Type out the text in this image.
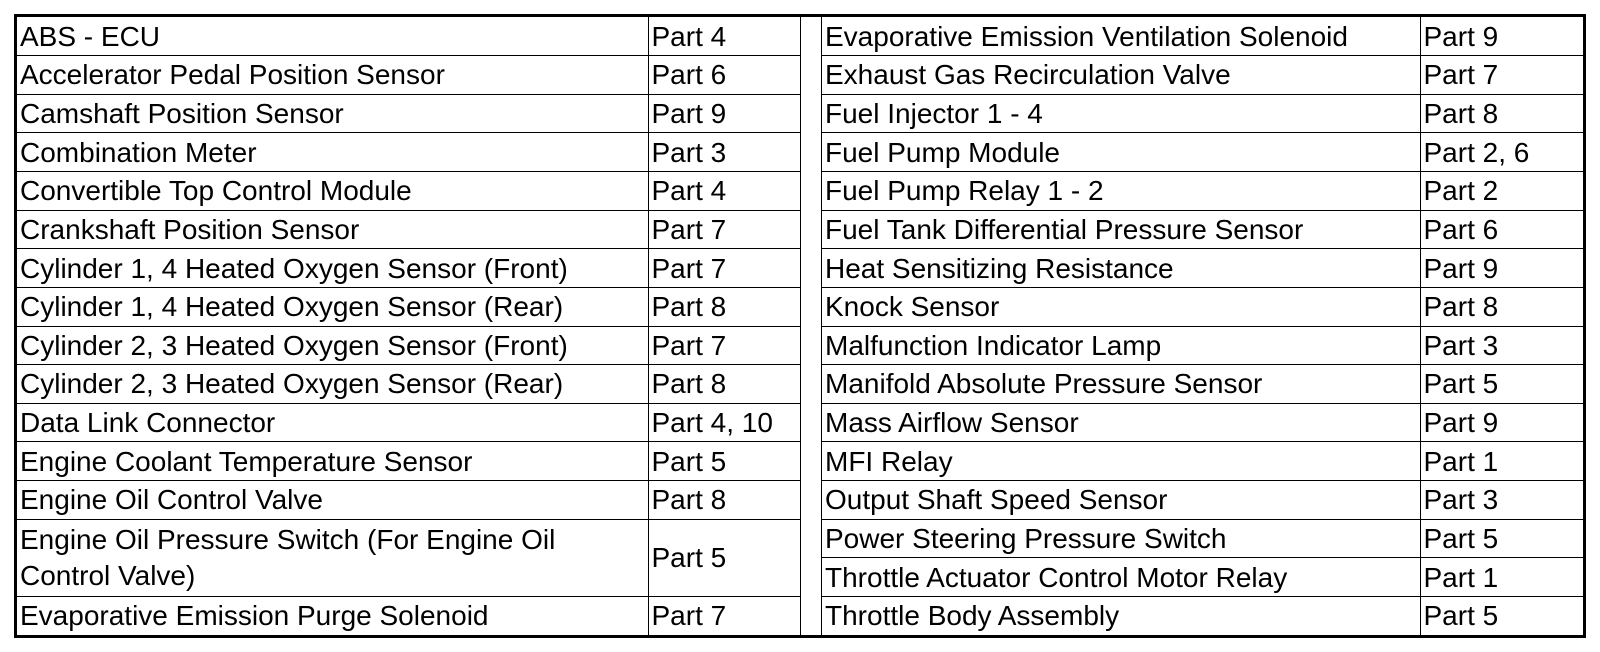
ABS - ECU	Part 4
Accelerator Pedal Position Sensor	Part 6
Camshaft Position Sensor	Part 9
Combination Meter	Part 3
Convertible Top Control Module	Part 4
Crankshaft Position Sensor	Part 7
Cylinder 1, 4 Heated Oxygen Sensor (Front)	Part 7
Cylinder 1, 4 Heated Oxygen Sensor (Rear)	Part 8
Cylinder 2, 3 Heated Oxygen Sensor (Front)	Part 7
Cylinder 2, 3 Heated Oxygen Sensor (Rear)	Part 8
Data Link Connector	Part 4, 10
Engine Coolant Temperature Sensor	Part 5
Engine Oil Control Valve	Part 8
Engine Oil Pressure Switch (For Engine Oil Control Valve)	Part 5
Evaporative Emission Purge Solenoid	Part 7
Evaporative Emission Ventilation Solenoid	Part 9
Exhaust Gas Recirculation Valve	Part 7
Fuel Injector 1 - 4	Part 8
Fuel Pump Module	Part 2, 6
Fuel Pump Relay 1 - 2	Part 2
Fuel Tank Differential Pressure Sensor	Part 6
Heat Sensitizing Resistance	Part 9
Knock Sensor	Part 8
Malfunction Indicator Lamp	Part 3
Manifold Absolute Pressure Sensor	Part 5
Mass Airflow Sensor	Part 9
MFI Relay	Part 1
Output Shaft Speed Sensor	Part 3
Power Steering Pressure Switch	Part 5
Throttle Actuator Control Motor Relay	Part 1
Throttle Body Assembly	Part 5
